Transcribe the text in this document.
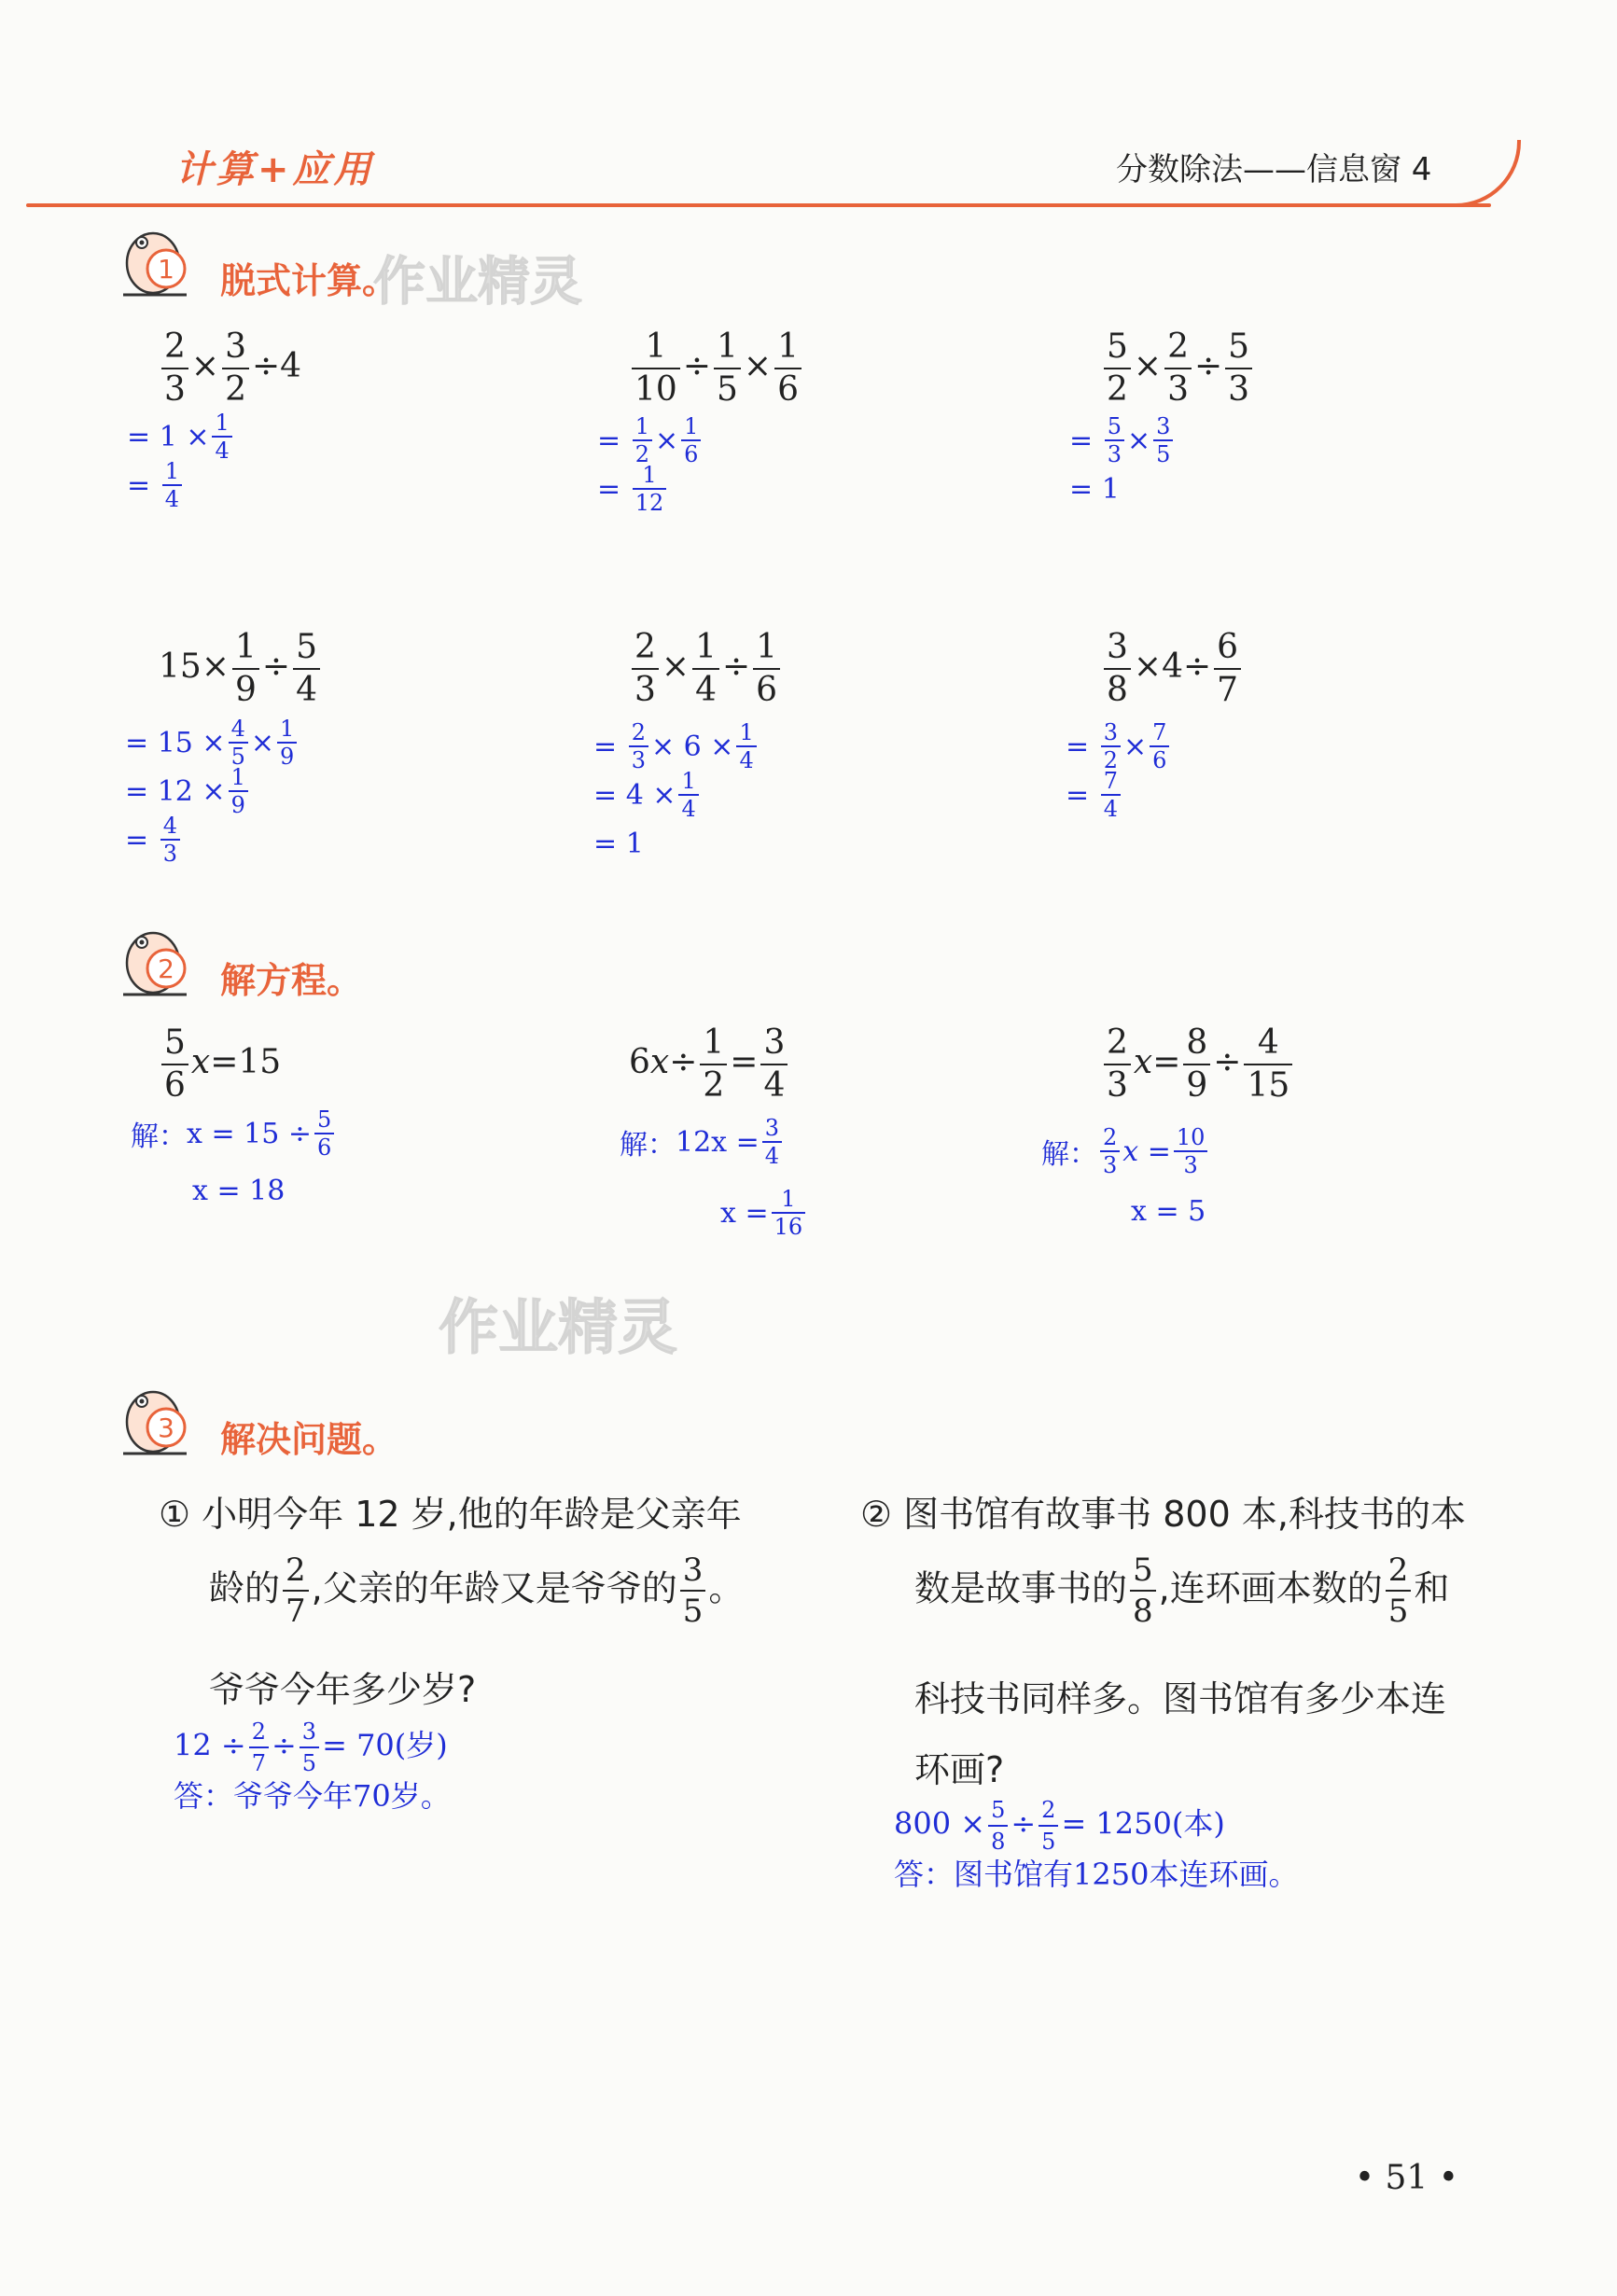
计算+应用	分数除法——信息窗 4
1 脱式计算。
作业精灵
$\frac{2}{3} \times \frac{3}{2} \div 4$
=
1
× $\frac{1}{4}$
=
$\frac{1}{4}$
$\frac{1}{10} \div \frac{1}{5} \times \frac{1}{6}$
=
$\frac{1}{2} \times \frac{1}{6}$
=
$\frac{1}{12}$
$\frac{5}{2} \times \frac{2}{3} \div \frac{5}{3}$
=
$\frac{5}{3} \times \frac{3}{5}$
=
1
$15\times \frac{1}{9} \div \frac{5}{4}$
=
15
× $\frac{4}{5} \times \frac{1}{9}$
=
12
× $\frac{1}{9}$
=
$\frac{4}{3}$
$\frac{2}{3} \times \frac{1}{4} \div \frac{1}{6}$
=
$\frac{2}{3}$ ×
6
× $\frac{1}{4}$
=
4
× $\frac{1}{4}$
=
1
$\frac{3}{8} \times 4\div \frac{6}{7}$
=
$\frac{3}{2} \times \frac{7}{6}$
=
$\frac{7}{4}$
2 解方程。
$\frac{5}{6} x=15$
解： $x = 15 \div \frac{5}{6}$
x = 18
$6x\div \frac{1}{2} = \frac{3}{4}$
解： $12x = \frac{3}{4}$
$x = \frac{1}{16}$
$\frac{2}{3} x= \frac{8}{9} \div \frac{4}{15}$
解： $\frac{2}{3}$ x
= $\frac{10}{3}$
x = 5
作业精灵
3 解决问题。
① 小明今年 12 岁,他的年龄是父亲年
龄的 $\frac{2}{7}$ ,父亲的年龄又是爷爷的 $\frac{3}{5}$ 。
爷爷今年多少岁?
$12 \div \frac{2}{7} \div \frac{3}{5} = 70$(岁)
答：爷爷今年70岁。
② 图书馆有故事书 800 本,科技书的本
数是故事书的 $\frac{5}{8}$ ,连环画本数的 $\frac{2}{5}$ 和
科技书同样多。图书馆有多少本连
环画?
$800 \times \frac{5}{8} \div \frac{2}{5} = 1250$(本)
答：图书馆有1250本连环画。
• 51 •
